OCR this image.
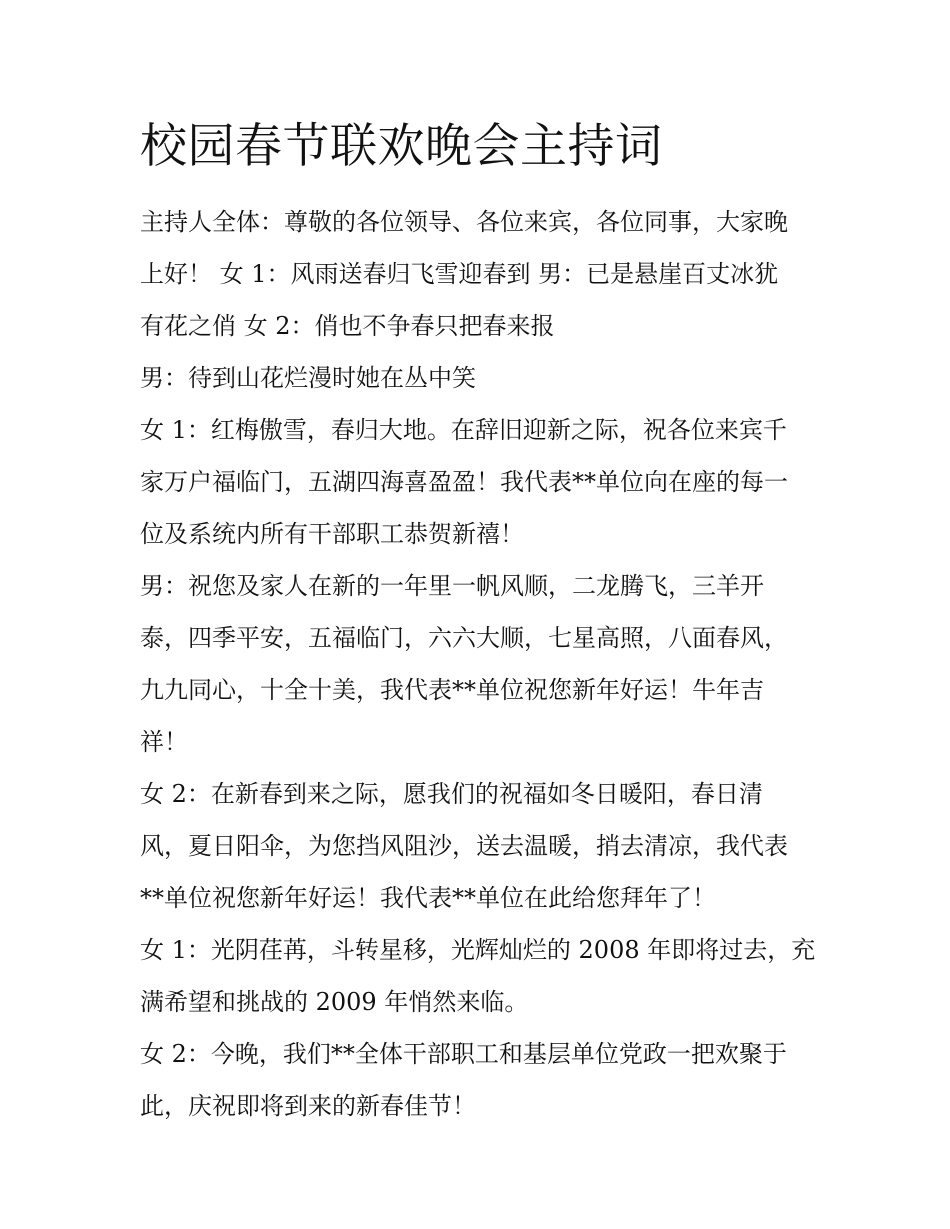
校园春节联欢晚会主持词
主持人全体：尊敬的各位领导、各位来宾，各位同事，大家晚
上好！ 女 1：风雨送春归飞雪迎春到 男：已是悬崖百丈冰犹
有花之俏 女 2：俏也不争春只把春来报
男：待到山花烂漫时她在丛中笑
女 1：红梅傲雪，春归大地。在辞旧迎新之际，祝各位来宾千
家万户福临门，五湖四海喜盈盈！我代表**单位向在座的每一
位及系统内所有干部职工恭贺新禧！
男：祝您及家人在新的一年里一帆风顺，二龙腾飞，三羊开
泰，四季平安，五福临门，六六大顺，七星高照，八面春风，
九九同心，十全十美，我代表**单位祝您新年好运！牛年吉
祥！
女 2：在新春到来之际，愿我们的祝福如冬日暖阳，春日清
风，夏日阳伞，为您挡风阻沙，送去温暖，捎去清凉，我代表
**单位祝您新年好运！我代表**单位在此给您拜年了！
女 1：光阴荏苒，斗转星移，光辉灿烂的 2008 年即将过去，充
满希望和挑战的 2009 年悄然来临。
女 2：今晚，我们**全体干部职工和基层单位党政一把欢聚于
此，庆祝即将到来的新春佳节！
